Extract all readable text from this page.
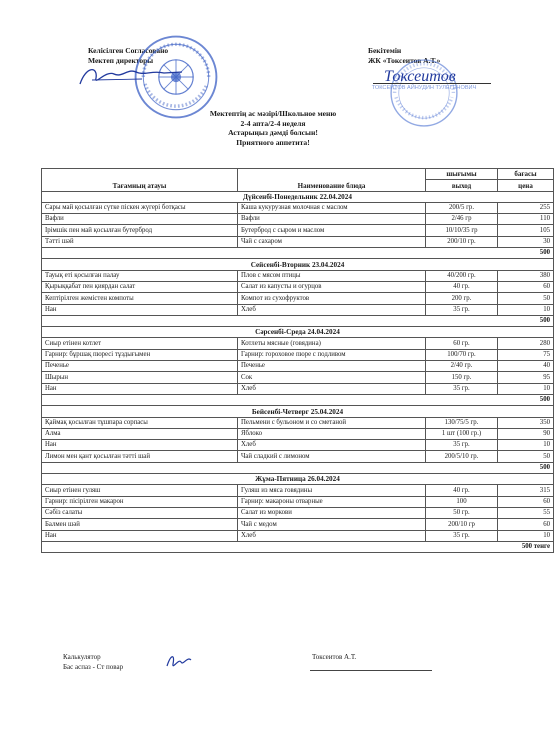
Келісілген Согласовано
Мектеп директоры
Бекітемін
ЖК «Токсеитов А.Т.»
ТОКСЕИТОВ АЙНУДИН ТУЛЕГЕНОВИЧ
Токсеитов
Мектептің ас мәзірі/Школьное меню
2-4 апта/2-4 неделя
Астарыңыз дәмді болсын!
Приятного аппетита!
Тағамның атауы	Наименование блюда	шығымы	бағасы
		выход	цена
Дүйсенбі-Понедельник 22.04.2024			
Сары май қосылған сүтке піскен жүгері ботқасы	Каша кукурузная молочная с маслом	200/5 гр.	255
Вафли	Вафли	2/46 гр	110
Ірімшік пен май қосылған бутерброд	Бутерброд с сыром и маслом	10/10/35 гр	105
Тәтті шәй	Чай с сахаром	200/10 гр.	30
500			
Сейсенбі-Вторник 23.04.2024			
Тауық еті қосылған палау	Плов с мясом птицы	40/200 гр.	380
Қырыққабат пен қиярдан салат	Салат из капусты и огурцов	40 гр.	60
Кептірілген жемістен компоты	Компот из сухофруктов	200 гр.	50
Нан	Хлеб	35 гр.	10
500			
Сәрсенбі-Среда 24.04.2024			
Сиыр етінен котлет	Котлеты мясные (говядина)	60 гр.	280
Гарнир: бұршақ пюресі тұздығымен	Гарнир: гороховое пюре с подливом	100/70 гр.	75
Печенье	Печенье	2/40 гр.	40
Шырын	Сок	150 гр.	95
Нан	Хлеб	35 гр.	10
500			
Бейсенбі-Четверг 25.04.2024			
Қаймақ қосылған тұшпара сорпасы	Пельмени с бульоном и со сметаной	130/75/5 гр.	350
Алма	Яблоко	1 шт (100 гр.)	90
Нан	Хлеб	35 гр.	10
Лимон мен қант қосылған тәтті шай	Чай сладкий с лимоном	200/5/10 гр.	50
500			
Жұма-Пятница 26.04.2024			
Сиыр етінен гуляш	Гуляш из мяса говядины	40 гр.	315
Гарнир: пісірілген макарон	Гарнир: макароны отварные	100	60
Сәбіз салаты	Салат из моркови	50 гр.	55
Балмен шәй	Чай с медом	200/10 гр	60
Нан	Хлеб	35 гр.	10
500 тенге			
Калькулятор
Бас аспаз - Ст повар
Токсеитов А.Т.
